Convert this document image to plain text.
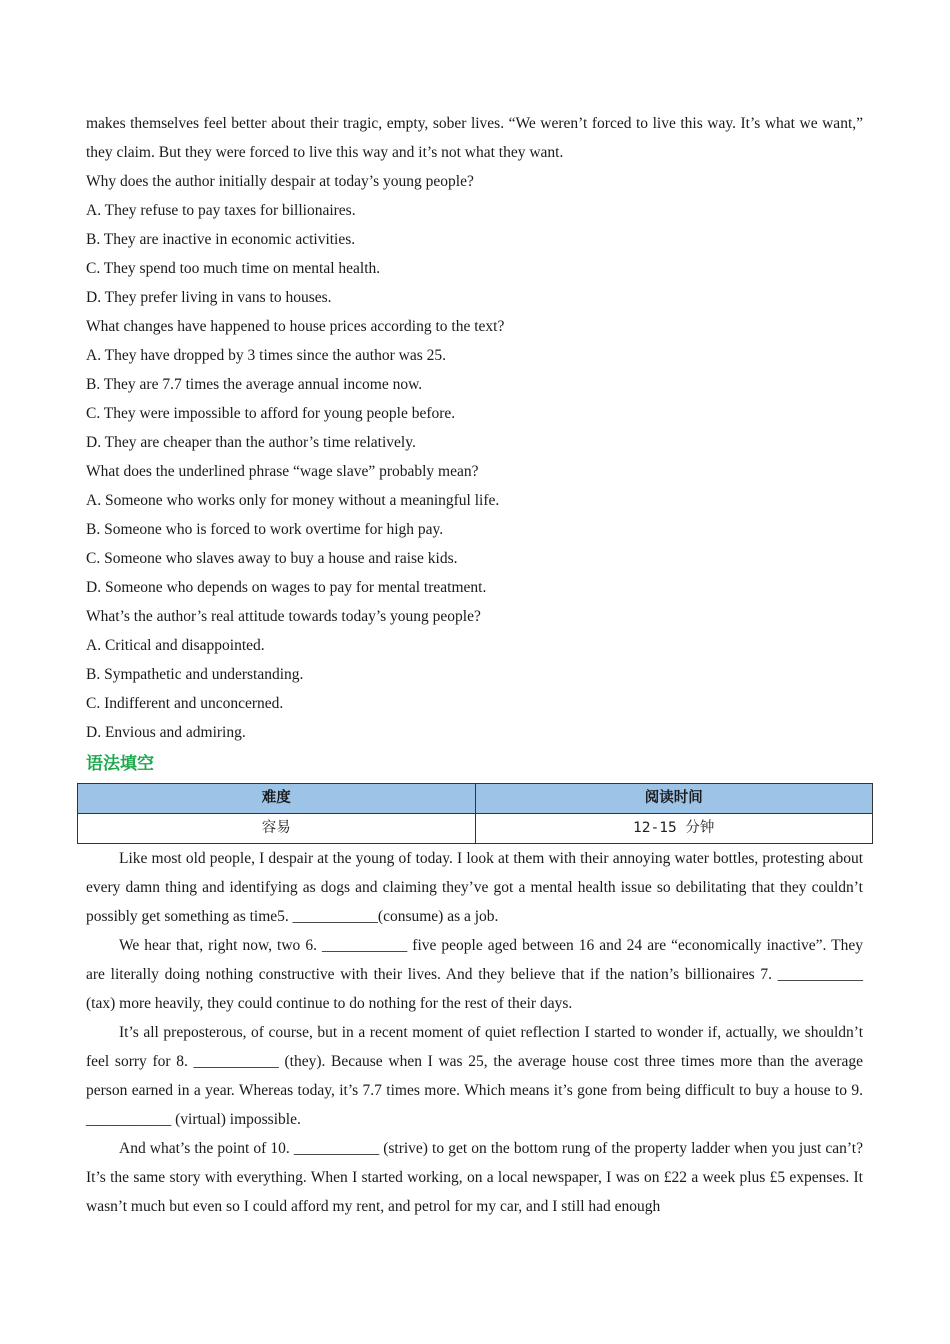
makes themselves feel better about their tragic, empty, sober lives. “We weren’t forced to live this way. It’s what we want,” they claim. But they were forced to live this way and it’s not what they want.

Why does the author initially despair at today’s young people?

A. They refuse to pay taxes for billionaires.

B. They are inactive in economic activities.

C. They spend too much time on mental health.

D. They prefer living in vans to houses.

What changes have happened to house prices according to the text?

A. They have dropped by 3 times since the author was 25.

B. They are 7.7 times the average annual income now.

C. They were impossible to afford for young people before.

D. They are cheaper than the author’s time relatively.

What does the underlined phrase “wage slave” probably mean?

A. Someone who works only for money without a meaningful life.

B. Someone who is forced to work overtime for high pay.

C. Someone who slaves away to buy a house and raise kids.

D. Someone who depends on wages to pay for mental treatment.

What’s the author’s real attitude towards today’s young people?

A. Critical and disappointed.

B. Sympathetic and understanding.

C. Indifferent and unconcerned.

D. Envious and admiring.

语法填空
难度	阅读时间
容易	12-15 分钟

Like most old people, I despair at the young of today. I look at them with their annoying water bottles, protesting about every damn thing and identifying as dogs and claiming they’ve got a mental health issue so debilitating that they couldn’t possibly get something as time5. ___________(consume) as a job.

We hear that, right now, two 6. ___________ five people aged between 16 and 24 are “economically inactive”. They are literally doing nothing constructive with their lives. And they believe that if the nation’s billionaires 7. ___________ (tax) more heavily, they could continue to do nothing for the rest of their days.

It’s all preposterous, of course, but in a recent moment of quiet reflection I started to wonder if, actually, we shouldn’t feel sorry for 8. ___________ (they). Because when I was 25, the average house cost three times more than the average person earned in a year. Whereas today, it’s 7.7 times more. Which means it’s gone from being difficult to buy a house to 9. ___________ (virtual) impossible.

And what’s the point of 10. ___________ (strive) to get on the bottom rung of the property ladder when you just can’t? It’s the same story with everything. When I started working, on a local newspaper, I was on £22 a week plus £5 expenses. It wasn’t much but even so I could afford my rent, and petrol for my car, and I still had enough
